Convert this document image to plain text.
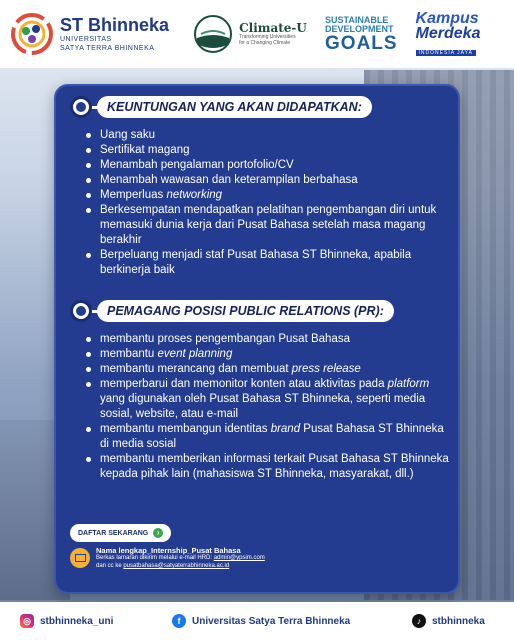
ST Bhinneka
UNIVERSITAS
SATYA TERRA BHINNEKA
Climate-U
Transforming Universities
for a Changing Climate
SUSTAINABLE
DEVELOPMENT
GOALS
Kampus
Merdeka
INDONESIA JAYA
KEUNTUNGAN YANG AKAN DIDAPATKAN:
Uang saku
Sertifikat magang
Menambah pengalaman portofolio/CV
Menambah wawasan dan keterampilan berbahasa
Memperluas networking
Berkesempatan mendapatkan pelatihan pengembangan diri untuk memasuki dunia kerja dari Pusat Bahasa setelah masa magang berakhir
Berpeluang menjadi staf Pusat Bahasa ST Bhinneka, apabila berkinerja baik
PEMAGANG POSISI PUBLIC RELATIONS (PR):
membantu proses pengembangan Pusat Bahasa
membantu event planning
membantu merancang dan membuat press release
memperbarui dan memonitor konten atau aktivitas pada platform yang digunakan oleh Pusat Bahasa ST Bhinneka, seperti media sosial, website, atau e-mail
membantu membangun identitas brand Pusat Bahasa ST Bhinneka di media sosial
membantu memberikan informasi terkait Pusat Bahasa ST Bhinneka kepada pihak lain (mahasiswa ST Bhinneka, masyarakat, dll.)
DAFTAR SEKARANG	›
Nama lengkap_Internship_Pusat Bahasa
Berkas lamaran dikirim melalui e-mail HRD: admin@ypsim.com
dan cc ke pusatbahasa@satyaterrabhinneka.ac.id
◎ stbhinneka_uni	f	Universitas Satya Terra Bhinneka	♪	stbhinneka
